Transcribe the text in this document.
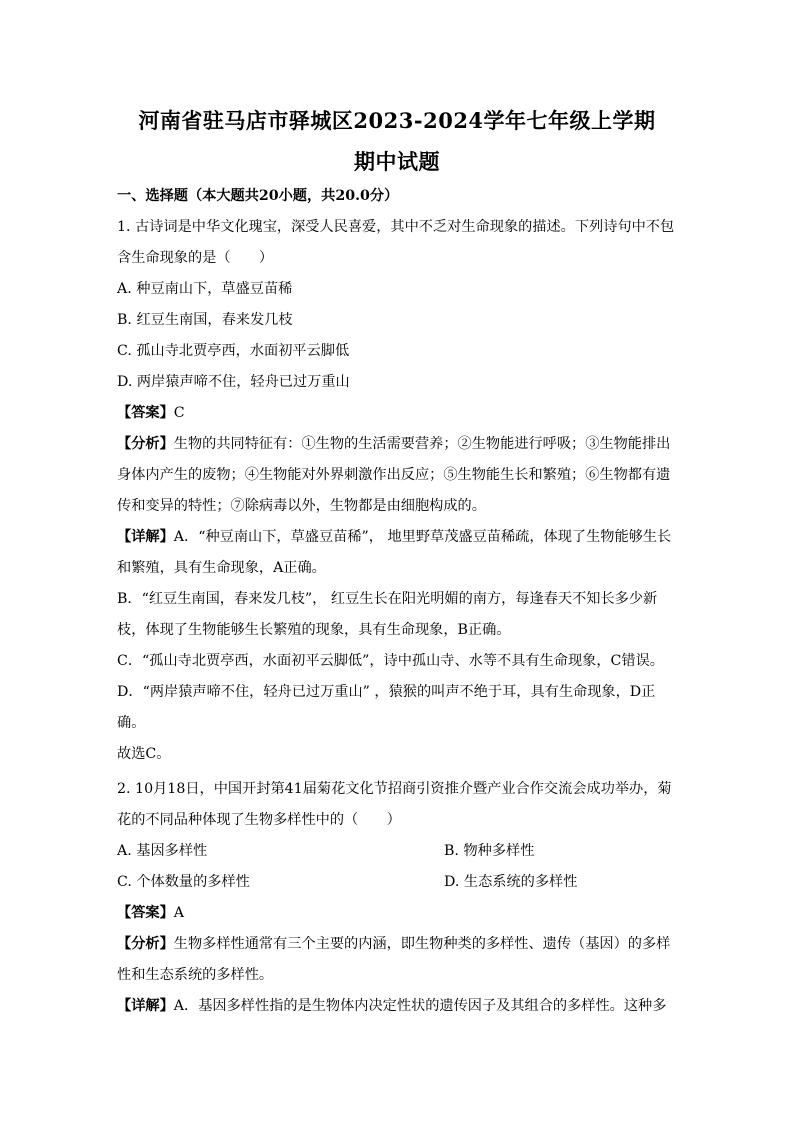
河南省驻马店市驿城区2023-2024学年七年级上学期
期中试题
一、选择题（本大题共20小题，共20.0分）
1. 古诗词是中华文化瑰宝，深受人民喜爱，其中不乏对生命现象的描述。下列诗句中不包
含生命现象的是（　　）
A. 种豆南山下，草盛豆苗稀
B. 红豆生南国，春来发几枝
C. 孤山寺北贾亭西，水面初平云脚低
D. 两岸猿声啼不住，轻舟已过万重山
【答案】C
【分析】生物的共同特征有：①生物的生活需要营养；②生物能进行呼吸；③生物能排出
身体内产生的废物；④生物能对外界刺激作出反应；⑤生物能生长和繁殖；⑥生物都有遗
传和变异的特性；⑦除病毒以外，生物都是由细胞构成的。
【详解】A．“种豆南山下，草盛豆苗稀”， 地里野草茂盛豆苗稀疏，体现了生物能够生长
和繁殖，具有生命现象，A正确。
B．“红豆生南国，春来发几枝”， 红豆生长在阳光明媚的南方，每逢春天不知长多少新
枝，体现了生物能够生长繁殖的现象，具有生命现象，B正确。
C．“孤山寺北贾亭西，水面初平云脚低”，诗中孤山寺、水等不具有生命现象，C错误。
D．“两岸猿声啼不住，轻舟已过万重山” ，猿猴的叫声不绝于耳，具有生命现象，D正
确。
故选C。
2. 10月18日，中国开封第41届菊花文化节招商引资推介暨产业合作交流会成功举办，菊
花的不同品种体现了生物多样性中的（　　）
A. 基因多样性	B. 物种多样性
C. 个体数量的多样性	D. 生态系统的多样性
【答案】A
【分析】生物多样性通常有三个主要的内涵，即生物种类的多样性、遗传（基因）的多样
性和生态系统的多样性。
【详解】A．基因多样性指的是生物体内决定性状的遗传因子及其组合的多样性。这种多
